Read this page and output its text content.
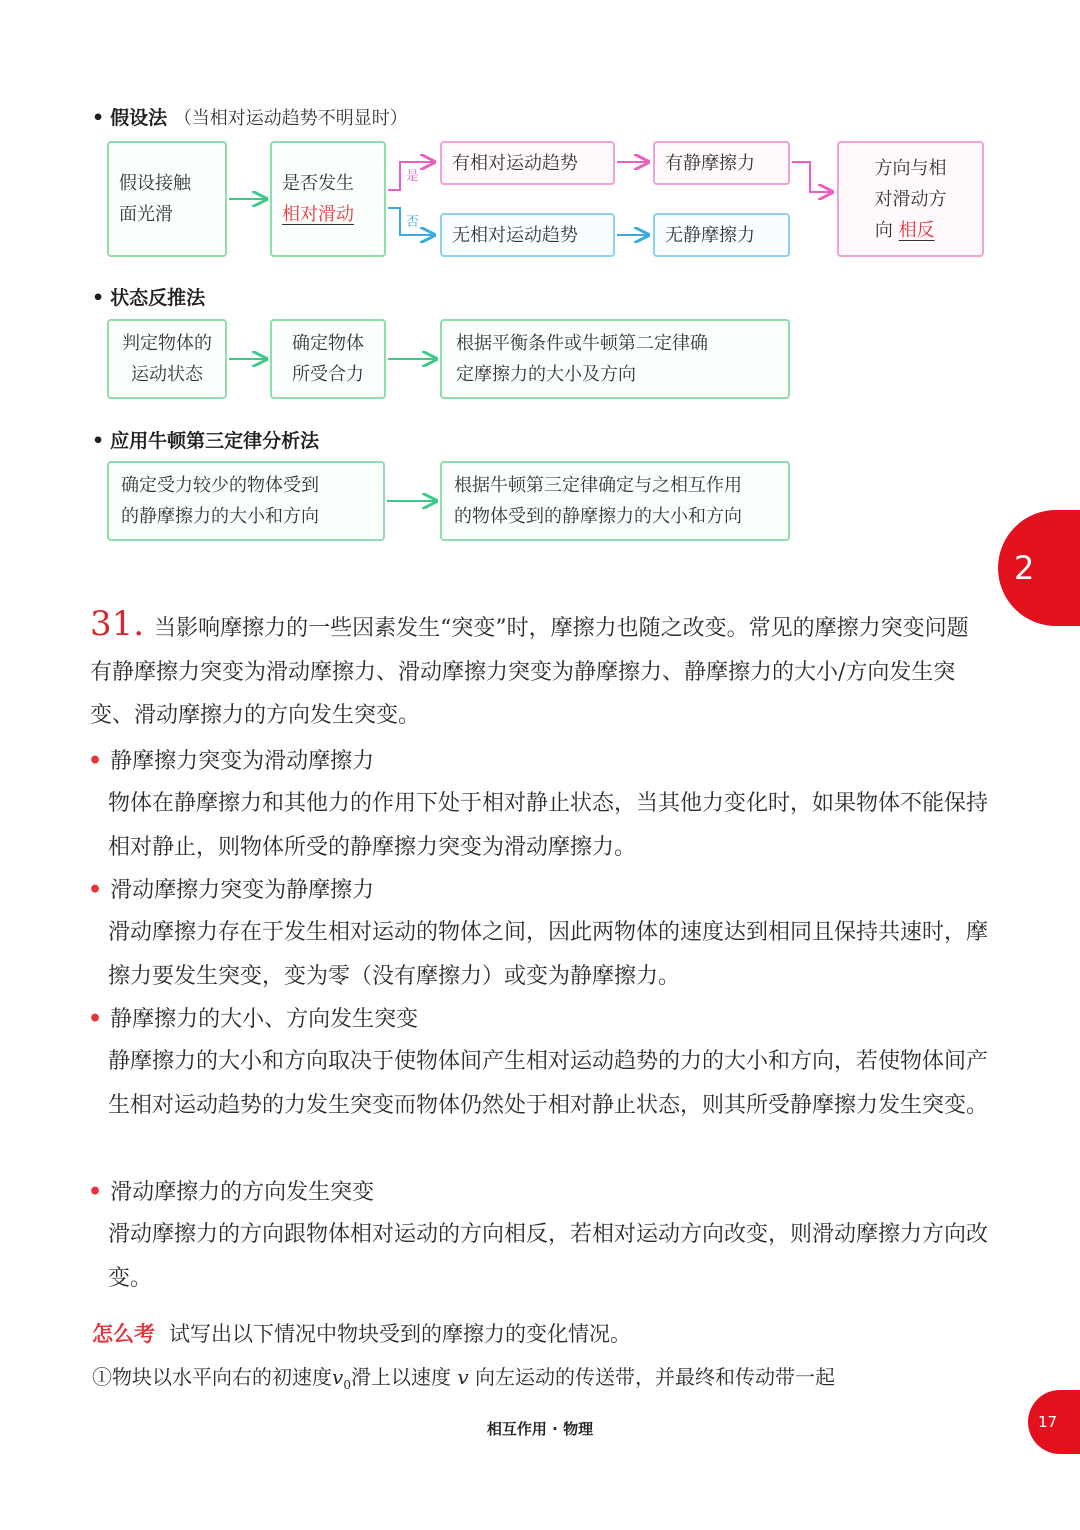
• 假设法 （当相对运动趋势不明显时）
假设接触
面光滑
是否发生
相对滑动
有相对运动趋势	有静摩擦力
无相对运动趋势	无静摩擦力
方向与相
对滑动方
向 相反
• 状态反推法
判定物体的
运动状态
确定物体
所受合力
根据平衡条件或牛顿第二定律确
定摩擦力的大小及方向
• 应用牛顿第三定律分析法
确定受力较少的物体受到
的静摩擦力的大小和方向
根据牛顿第三定律确定与之相互作用
的物体受到的静摩擦力的大小和方向
是
否
31. 当影响摩擦力的一些因素发生“突变”时，摩擦力也随之改变。常见的摩擦力突变问题有静摩擦力突变为滑动摩擦力、滑动摩擦力突变为静摩擦力、静摩擦力的大小/方向发生突变、滑动摩擦力的方向发生突变。
• 静摩擦力突变为滑动摩擦力
物体在静摩擦力和其他力的作用下处于相对静止状态，当其他力变化时，如果物体不能保持相对静止，则物体所受的静摩擦力突变为滑动摩擦力。
• 滑动摩擦力突变为静摩擦力
滑动摩擦力存在于发生相对运动的物体之间，因此两物体的速度达到相同且保持共速时，摩擦力要发生突变，变为零（没有摩擦力）或变为静摩擦力。
• 静摩擦力的大小、方向发生突变
静摩擦力的大小和方向取决于使物体间产生相对运动趋势的力的大小和方向，若使物体间产生相对运动趋势的力发生突变而物体仍然处于相对静止状态，则其所受静摩擦力发生突变。
• 滑动摩擦力的方向发生突变
滑动摩擦力的方向跟物体相对运动的方向相反，若相对运动方向改变，则滑动摩擦力方向改变。
怎么考 试写出以下情况中物块受到的摩擦力的变化情况。
①物块以水平向右的初速度$v_0$滑上以速度 v 向左运动的传送带，并最终和传动带一起
相互作用 · 物理
2
17
